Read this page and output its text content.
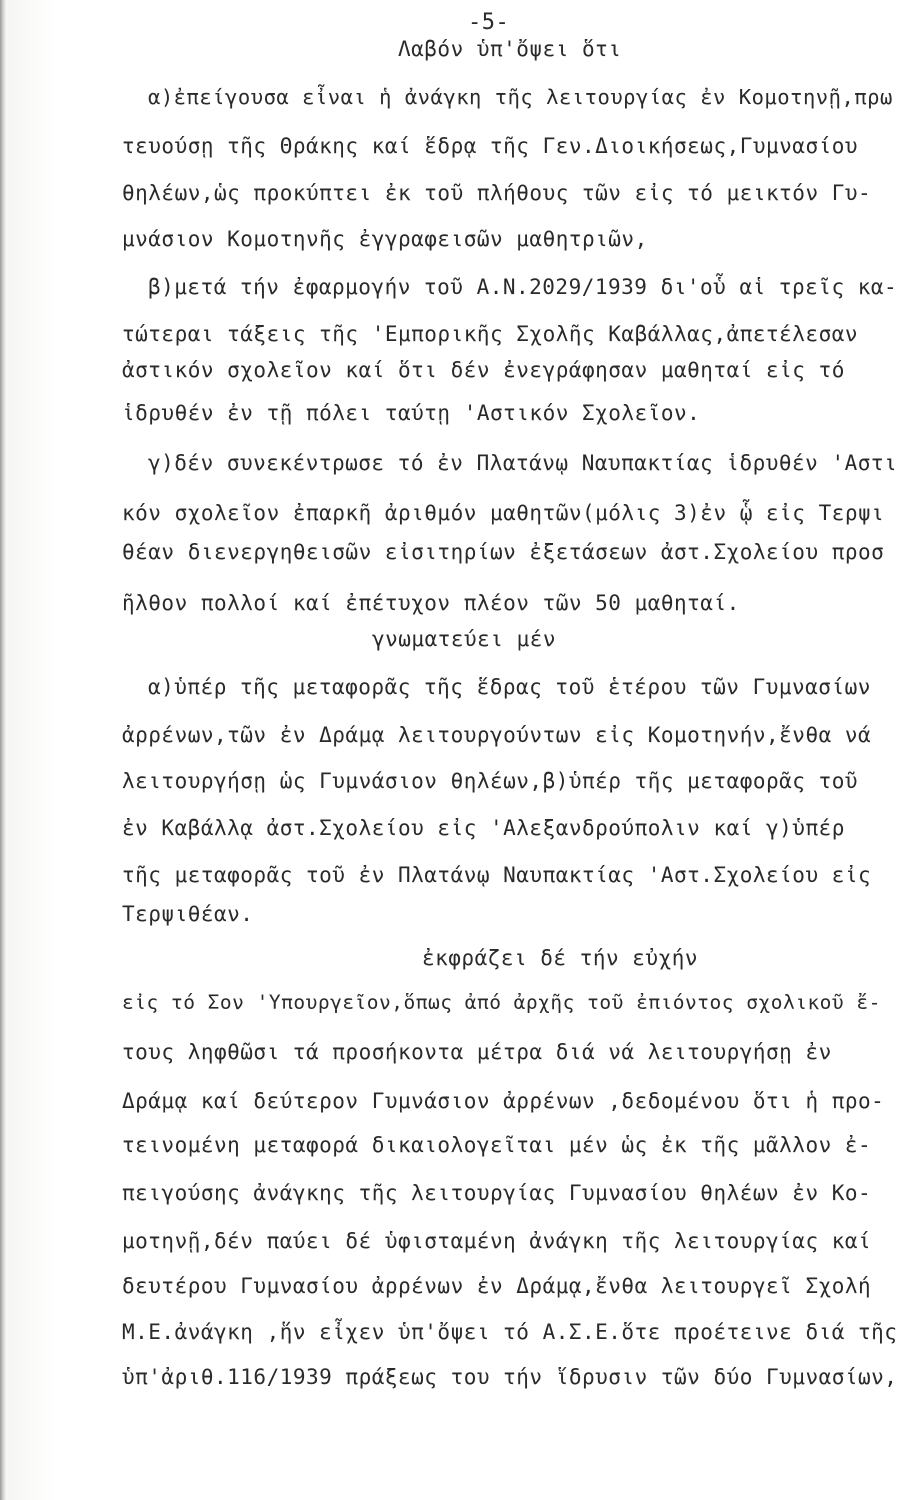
-5-
Λαβόν ὑπ'ὄψει ὅτι
α)ἐπείγουσα εἶναι ἡ ἀνάγκη τῆς λειτουργίας ἐν Κομοτηνῇ,πρω
τευούσῃ τῆς Θράκης καί ἕδρᾳ τῆς Γεν.Διοικήσεως,Γυμνασίου
θηλέων,ὡς προκύπτει ἐκ τοῦ πλήθους τῶν εἰς τό μεικτόν Γυ-
μνάσιον Κομοτηνῆς ἐγγραφεισῶν μαθητριῶν,
β)μετά τήν ἐφαρμογήν τοῦ Α.Ν.2029/1939 δι'οὗ αἱ τρεῖς κα-
τώτεραι τάξεις τῆς 'Εμπορικῆς Σχολῆς Καβάλλας,ἀπετέλεσαν
ἀστικόν σχολεῖον καί ὅτι δέν ἐνεγράφησαν μαθηταί εἰς τό
ἱδρυθέν ἐν τῇ πόλει ταύτῃ 'Αστικόν Σχολεῖον.
γ)δέν συνεκέντρωσε τό ἐν Πλατάνῳ Ναυπακτίας ἱδρυθέν 'Αστι
κόν σχολεῖον ἐπαρκῆ ἀριθμόν μαθητῶν(μόλις 3)ἐν ᾧ εἰς Τερψι
θέαν διενεργηθεισῶν εἰσιτηρίων ἐξετάσεων ἀστ.Σχολείου προσ
ῆλθον πολλοί καί ἐπέτυχον πλέον τῶν 50 μαθηταί.
γνωματεύει μέν
α)ὑπέρ τῆς μεταφορᾶς τῆς ἕδρας τοῦ ἑτέρου τῶν Γυμνασίων
ἀρρένων,τῶν ἐν Δράμᾳ λειτουργούντων εἰς Κομοτηνήν,ἔνθα νά
λειτουργήσῃ ὡς Γυμνάσιον θηλέων,β)ὑπέρ τῆς μεταφορᾶς τοῦ
ἐν Καβάλλᾳ ἀστ.Σχολείου εἰς 'Αλεξανδρούπολιν καί γ)ὑπέρ
τῆς μεταφορᾶς τοῦ ἐν Πλατάνῳ Ναυπακτίας 'Αστ.Σχολείου εἰς
Τερψιθέαν.
ἐκφράζει δέ τήν εὐχήν
εἰς τό Σον 'Υπουργεῖον,ὅπως ἀπό ἀρχῆς τοῦ ἐπιόντος σχολικοῦ ἔ-
τους ληφθῶσι τά προσήκοντα μέτρα διά νά λειτουργήσῃ ἐν
Δράμᾳ καί δεύτερον Γυμνάσιον ἀρρένων ,δεδομένου ὅτι ἡ προ-
τεινομένη μεταφορά δικαιολογεῖται μέν ὡς ἐκ τῆς μᾶλλον ἐ-
πειγούσης ἀνάγκης τῆς λειτουργίας Γυμνασίου θηλέων ἐν Κο-
μοτηνῇ,δέν παύει δέ ὑφισταμένη ἀνάγκη τῆς λειτουργίας καί
δευτέρου Γυμνασίου ἀρρένων ἐν Δράμᾳ,ἔνθα λειτουργεῖ Σχολή
Μ.Ε.ἀνάγκη ,ἥν εἶχεν ὑπ'ὄψει τό Α.Σ.Ε.ὅτε προέτεινε διά τῆς
ὑπ'ἀριθ.116/1939 πράξεως του τήν ἵδρυσιν τῶν δύο Γυμνασίων,
